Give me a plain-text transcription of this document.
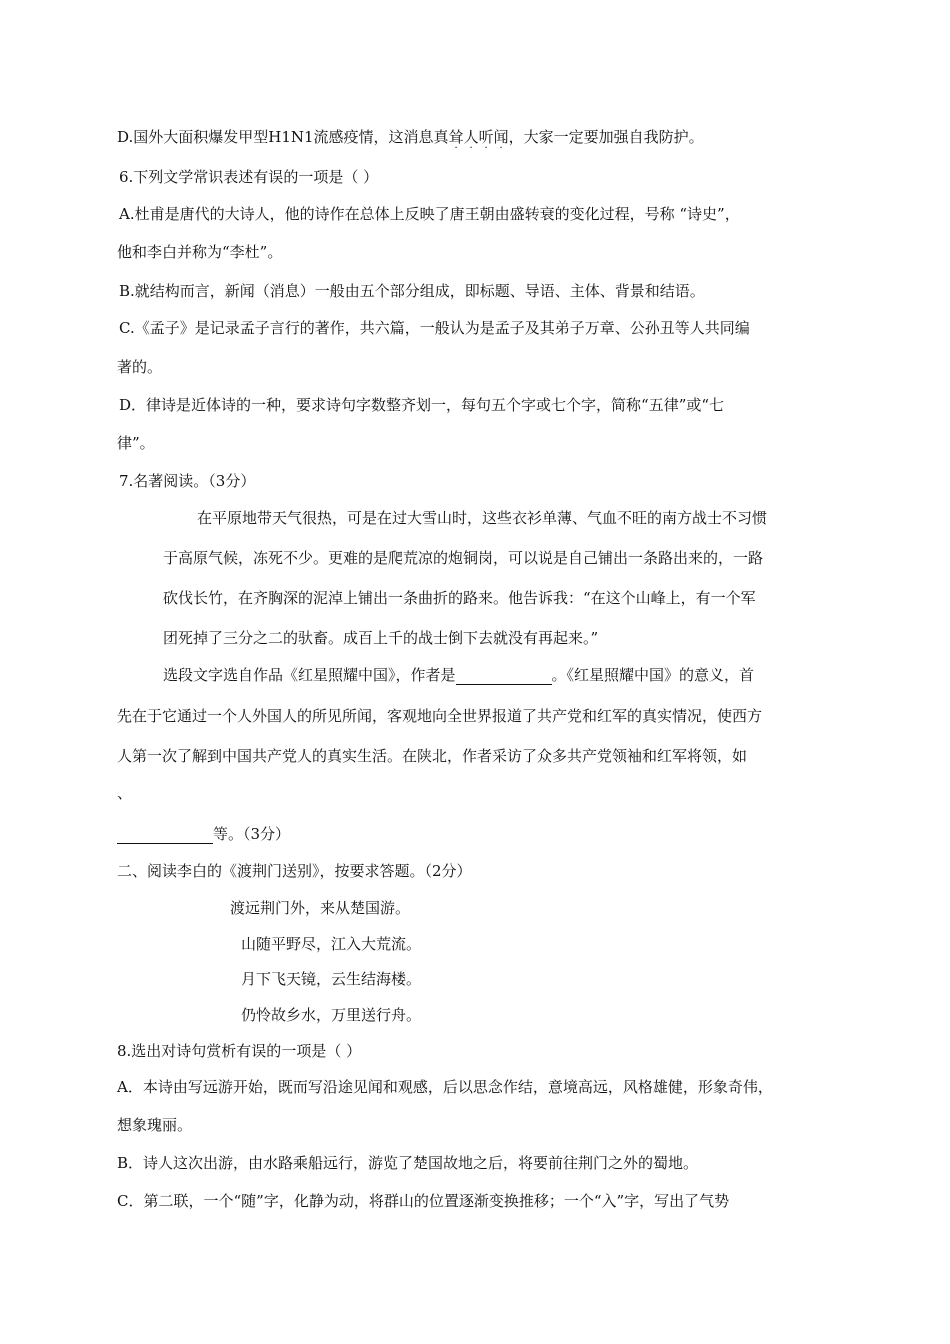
D.国外大面积爆发甲型H1N1流感疫情，这消息真耸
·
人
·
听
·
闻
·
，大家一定要加强自我防护。
6.下列文学常识表述有误的一项是（ ）
A.杜甫是唐代的大诗人，他的诗作在总体上反映了唐王朝由盛转衰的变化过程，号称 “诗史”，
他和李白并称为“李杜”。
B.就结构而言，新闻（消息）一般由五个部分组成，即标题、导语、主体、背景和结语。
C.《孟子》是记录孟子言行的著作，共六篇，一般认为是孟子及其弟子万章、公孙丑等人共同编
著的。
D．律诗是近体诗的一种，要求诗句字数整齐划一，每句五个字或七个字，简称“五律”或“七
律”。
7.名著阅读。（3分）
在平原地带天气很热，可是在过大雪山时，这些衣衫单薄、气血不旺的南方战士不习惯
于高原气候，冻死不少。更难的是爬荒凉的炮铜岗，可以说是自己铺出一条路出来的，一路
砍伐长竹，在齐胸深的泥淖上铺出一条曲折的路来。他告诉我：“在这个山峰上，有一个军
团死掉了三分之二的驮畜。成百上千的战士倒下去就没有再起来。”
选段文字选自作品《红星照耀中国》，作者是	。《红星照耀中国》的意义，首
先在于它通过一个人外国人的所见所闻，客观地向全世界报道了共产党和红军的真实情况，使西方
人第一次了解到中国共产党人的真实生活。在陕北，作者采访了众多共产党领袖和红军将领，如
、
等。（3分）
二、阅读李白的《渡荆门送别》，按要求答题。（2分）
渡远荆门外，来从楚国游。
山随平野尽，江入大荒流。
月下飞天镜，云生结海楼。
仍怜故乡水，万里送行舟。
8.选出对诗句赏析有误的一项是（ ）
A．本诗由写远游开始，既而写沿途见闻和观感，后以思念作结，意境高远，风格雄健，形象奇伟，
想象瑰丽。
B．诗人这次出游，由水路乘船远行，游览了楚国故地之后，将要前往荆门之外的蜀地。
C．第二联，一个“随”字，化静为动，将群山的位置逐渐变换推移；一个“入”字，写出了气势
